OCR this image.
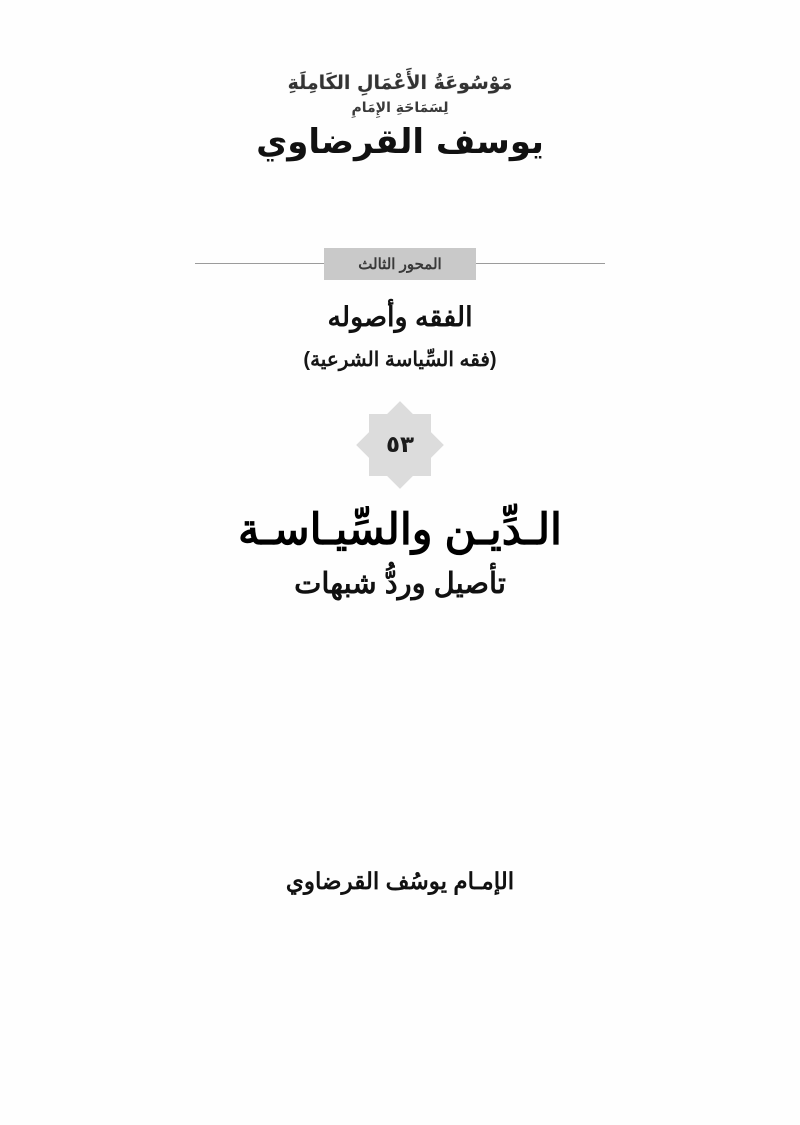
مَوْسُوعَةُ الأَعْمَالِ الكَامِلَةِ
لِسَمَاحَةِ الإِمَامِ
يوسف القرضاوي
المحور الثالث
الفقه وأصوله
(فقه السِّياسة الشرعية)
٥٣
الـدِّيـن والسِّيـاسـة
تأصيل وردُّ شبهات
الإمـام يوسُف القرضاوي
